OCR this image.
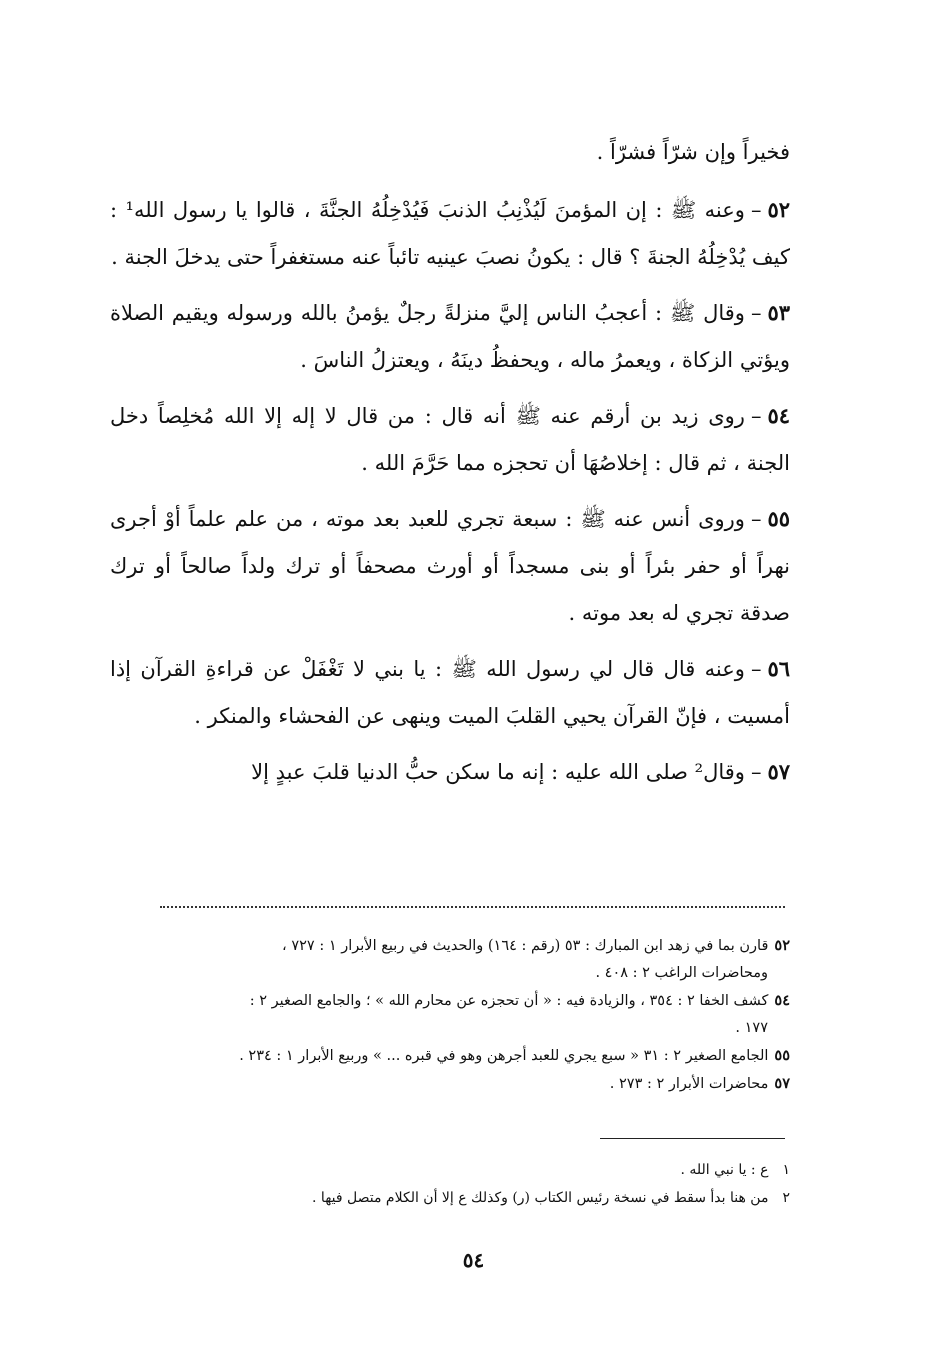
فخيراً وإن شرّاً فشرّاً .

٥٢–وعنه ﷺ : إن المؤمنَ لَيُذْنِبُ الذنبَ فَيُدْخِلُهُ الجنَّةَ ، قالوا يا رسول الله¹ : كيف يُدْخِلُهُ الجنةَ ؟ قال : يكونُ نصبَ عينيه تائباً عنه مستغفراً حتى يدخلَ الجنة .

٥٣–وقال ﷺ : أعجبُ الناس إليَّ منزلةً رجلٌ يؤمنُ بالله ورسوله ويقيم الصلاة ويؤتي الزكاة ، ويعمرُ ماله ، ويحفظُ دينَهُ ، ويعتزلُ الناسَ .

٥٤–روى زيد بن أرقم عنه ﷺ أنه قال : من قال لا إله إلا الله مُخلِصاً دخل الجنة ، ثم قال : إخلاصُهَا أن تحجزه مما حَرَّمَ الله .

٥٥–وروى أنس عنه ﷺ : سبعة تجري للعبد بعد موته ، من علم علماً أوْ أجرى نهراً أو حفر بئراً أو بنى مسجداً أو أورث مصحفاً أو ترك ولداً صالحاً أو ترك صدقة تجري له بعد موته .

٥٦–وعنه قال قال لي رسول الله ﷺ : يا بني لا تَغْفَلْ عن قراءةِ القرآن إذا أمسيت ، فإنّ القرآن يحيي القلبَ الميت وينهى عن الفحشاء والمنكر .

٥٧–وقال² صلى الله عليه : إنه ما سكن حبُّ الدنيا قلبَ عبدٍ إلا

٥٢قارن بما في زهد ابن المبارك : ٥٣ (رقم : ١٦٤) والحديث في ربيع الأبرار ١ : ٧٢٧ ،

ومحاضرات الراغب ٢ : ٤٠٨ .

٥٤كشف الخفا ٢ : ٣٥٤ ، والزيادة فيه : « أن تحجزه عن محارم الله » ؛ والجامع الصغير ٢ :

١٧٧ .

٥٥الجامع الصغير ٢ : ٣١ « سبع يجري للعبد أجرهن وهو في قبره ... » وربيع الأبرار ١ : ٢٣٤ .

٥٧محاضرات الأبرار ٢ : ٢٧٣ .

١ع : يا نبي الله .

٢من هنا بدأ سقط في نسخة رئيس الكتاب (ر) وكذلك ع إلا أن الكلام متصل فيها .

٥٤
